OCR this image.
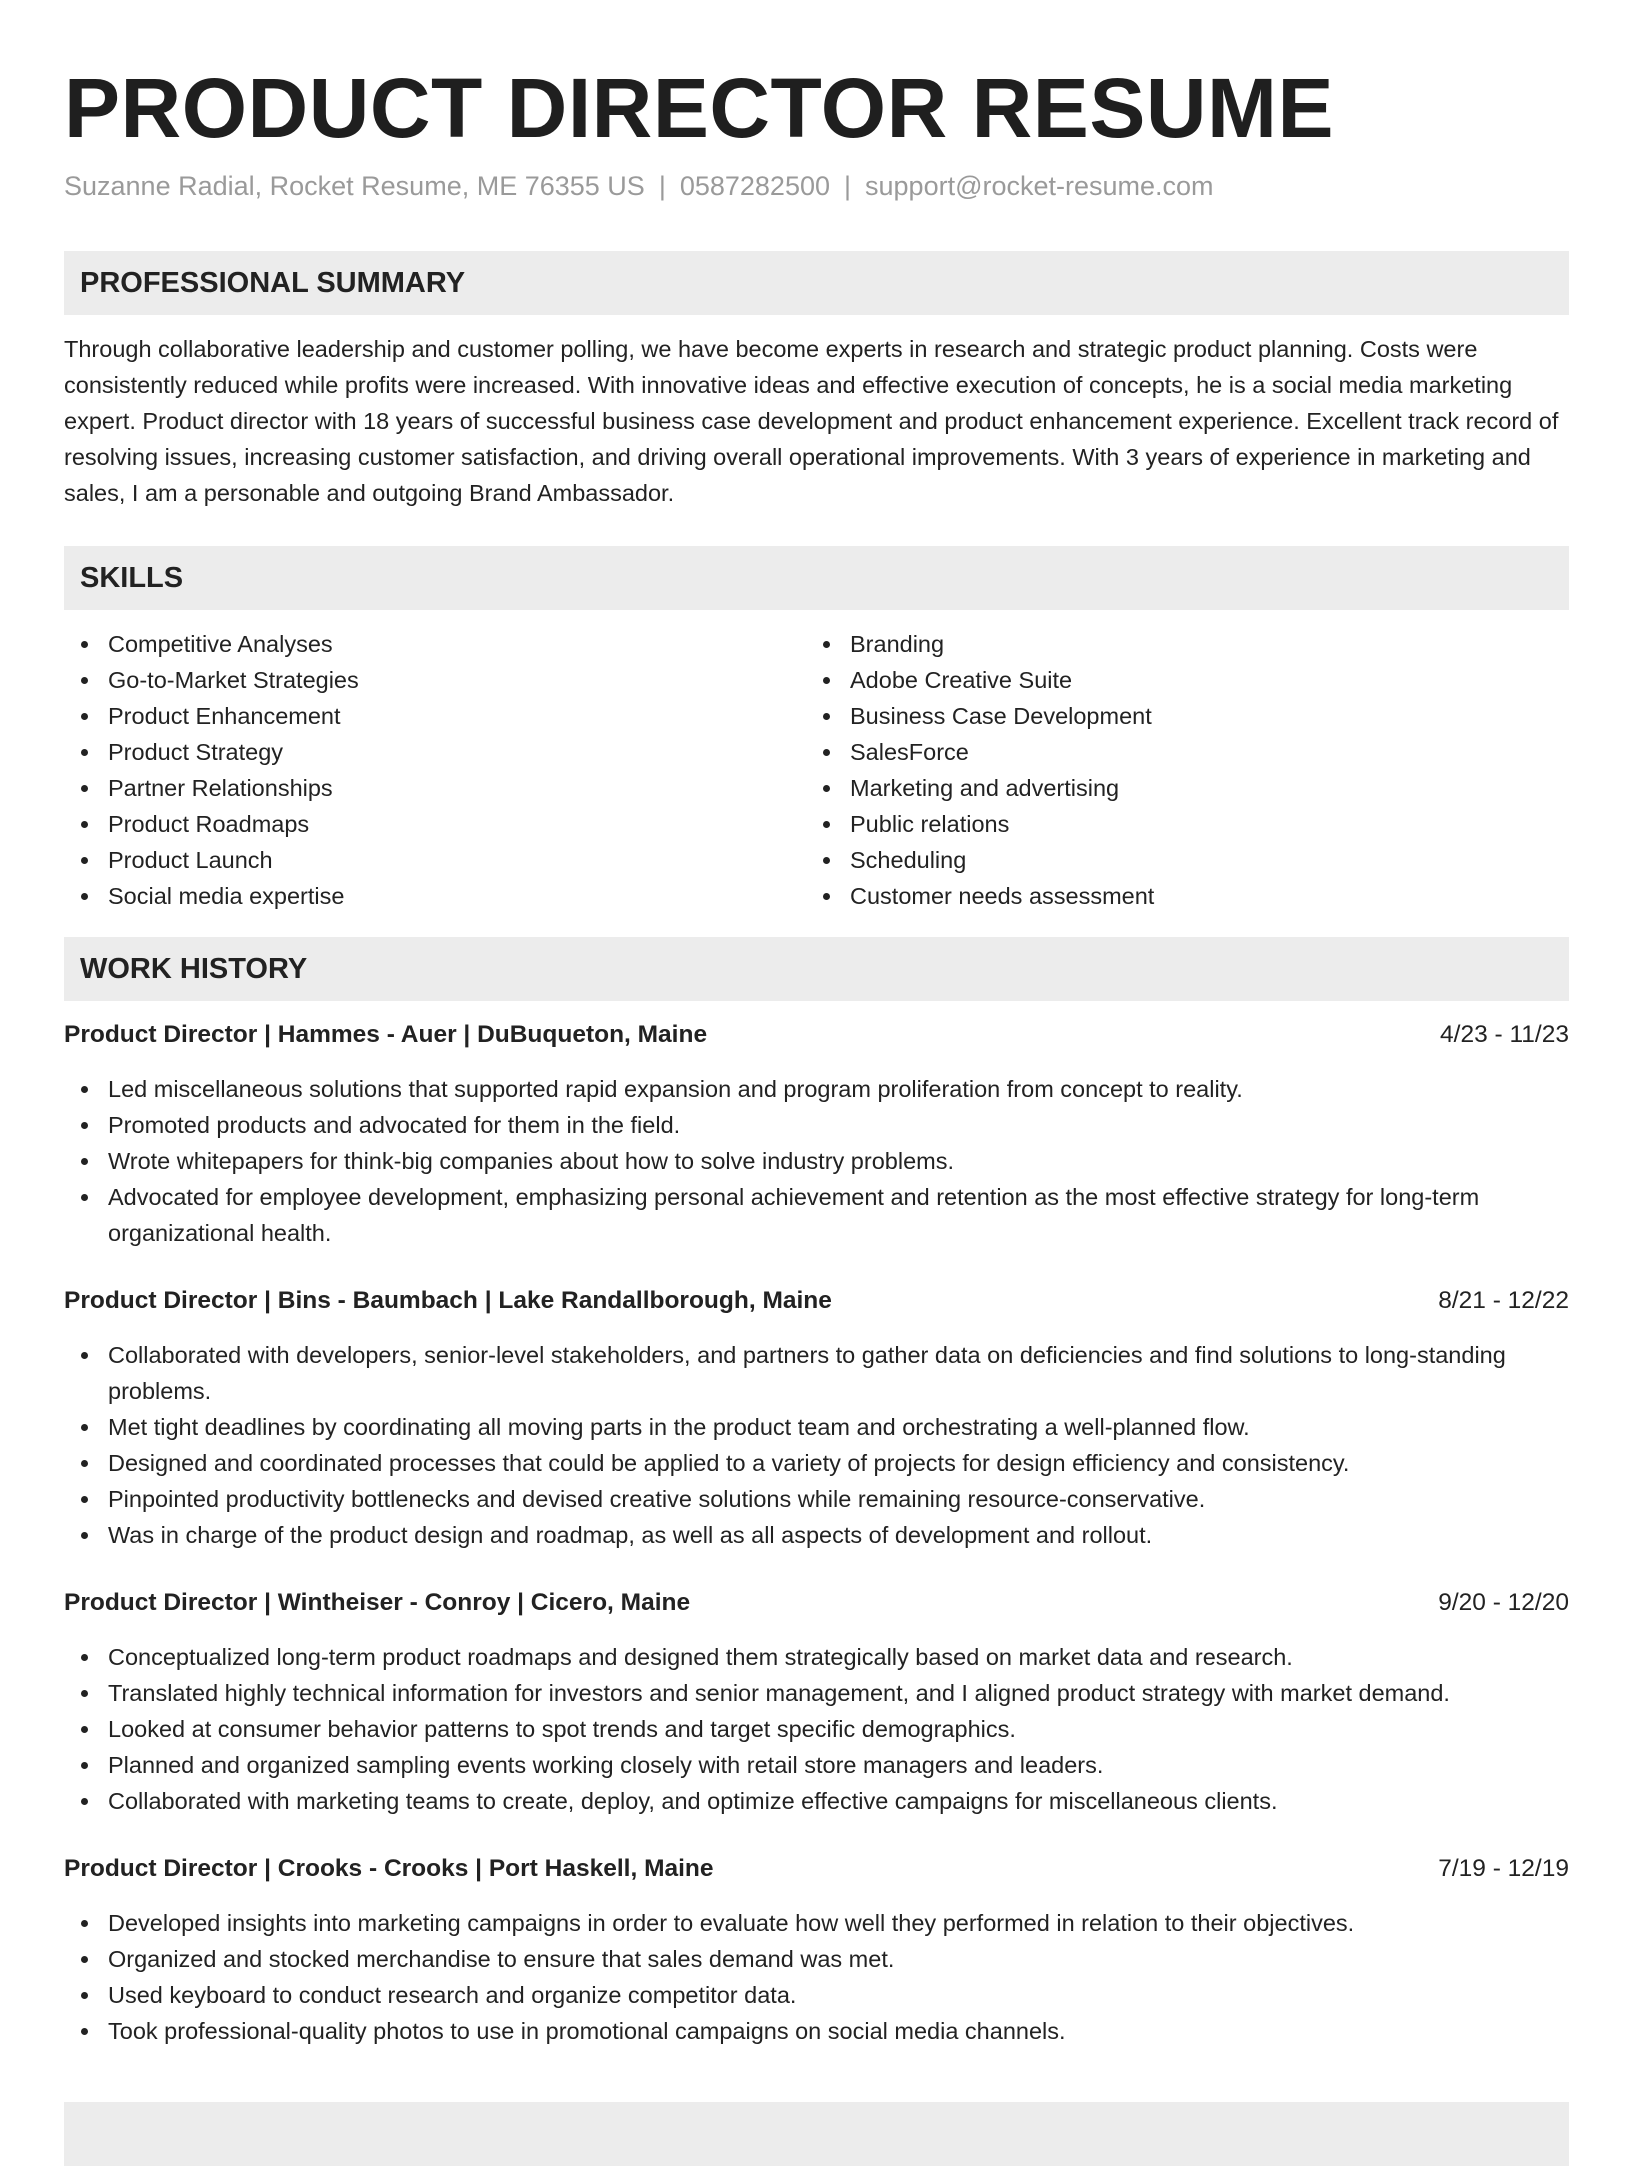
PRODUCT DIRECTOR RESUME
Suzanne Radial, Rocket Resume, ME 76355 US | 0587282500 | support@rocket-resume.com
PROFESSIONAL SUMMARY
Through collaborative leadership and customer polling, we have become experts in research and strategic product planning. Costs were consistently reduced while profits were increased. With innovative ideas and effective execution of concepts, he is a social media marketing expert. Product director with 18 years of successful business case development and product enhancement experience. Excellent track record of resolving issues, increasing customer satisfaction, and driving overall operational improvements. With 3 years of experience in marketing and sales, I am a personable and outgoing Brand Ambassador.
SKILLS
Competitive Analyses
Go-to-Market Strategies
Product Enhancement
Product Strategy
Partner Relationships
Product Roadmaps
Product Launch
Social media expertise
Branding
Adobe Creative Suite
Business Case Development
SalesForce
Marketing and advertising
Public relations
Scheduling
Customer needs assessment
WORK HISTORY
Product Director | Hammes - Auer | DuBuqueton, Maine	4/23 - 11/23
Led miscellaneous solutions that supported rapid expansion and program proliferation from concept to reality.
Promoted products and advocated for them in the field.
Wrote whitepapers for think-big companies about how to solve industry problems.
Advocated for employee development, emphasizing personal achievement and retention as the most effective strategy for long-term organizational health.
Product Director | Bins - Baumbach | Lake Randallborough, Maine	8/21 - 12/22
Collaborated with developers, senior-level stakeholders, and partners to gather data on deficiencies and find solutions to long-standing problems.
Met tight deadlines by coordinating all moving parts in the product team and orchestrating a well-planned flow.
Designed and coordinated processes that could be applied to a variety of projects for design efficiency and consistency.
Pinpointed productivity bottlenecks and devised creative solutions while remaining resource-conservative.
Was in charge of the product design and roadmap, as well as all aspects of development and rollout.
Product Director | Wintheiser - Conroy | Cicero, Maine	9/20 - 12/20
Conceptualized long-term product roadmaps and designed them strategically based on market data and research.
Translated highly technical information for investors and senior management, and I aligned product strategy with market demand.
Looked at consumer behavior patterns to spot trends and target specific demographics.
Planned and organized sampling events working closely with retail store managers and leaders.
Collaborated with marketing teams to create, deploy, and optimize effective campaigns for miscellaneous clients.
Product Director | Crooks - Crooks | Port Haskell, Maine	7/19 - 12/19
Developed insights into marketing campaigns in order to evaluate how well they performed in relation to their objectives.
Organized and stocked merchandise to ensure that sales demand was met.
Used keyboard to conduct research and organize competitor data.
Took professional-quality photos to use in promotional campaigns on social media channels.
